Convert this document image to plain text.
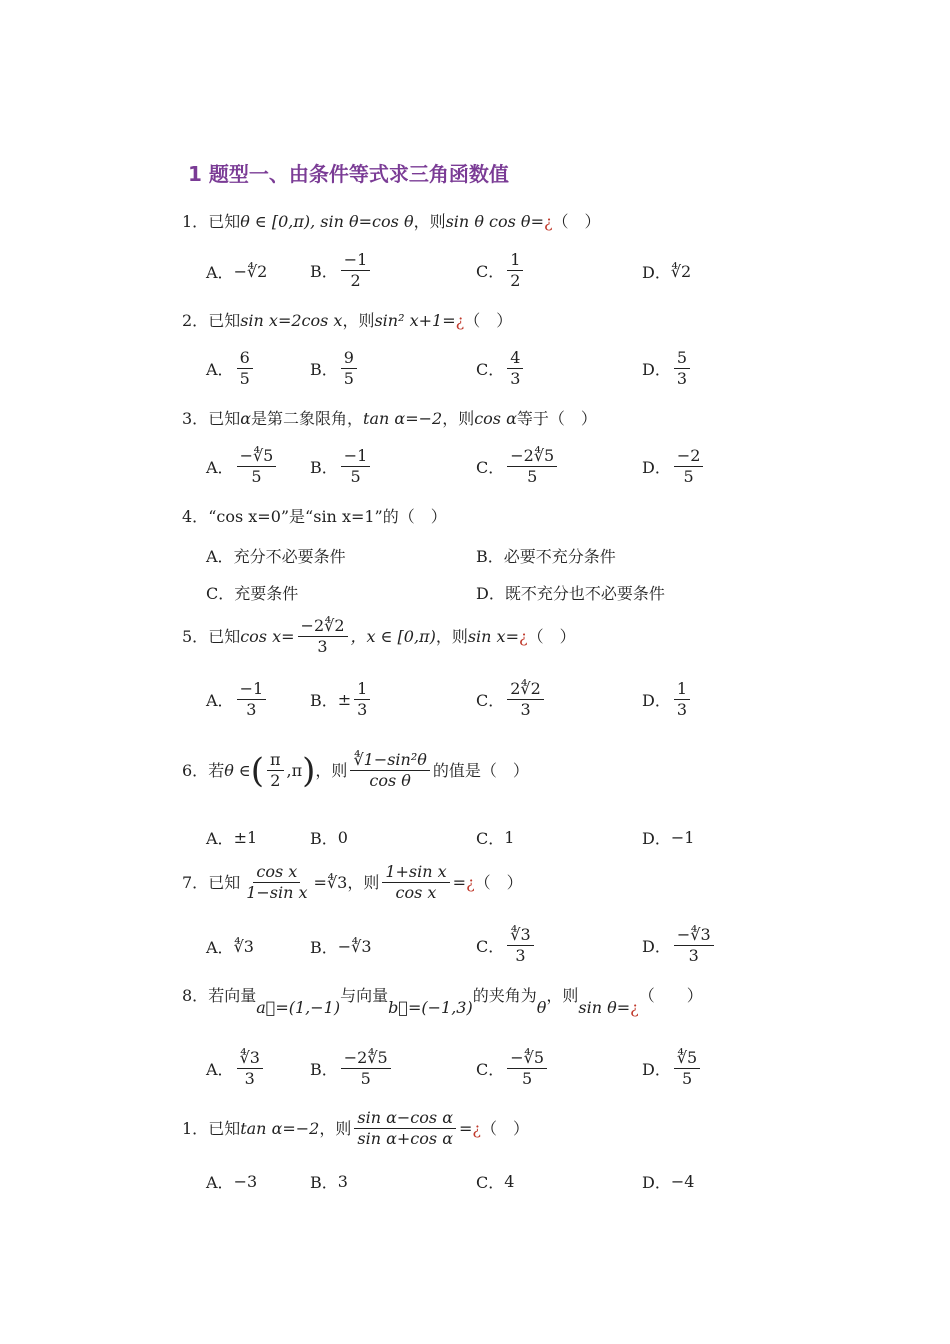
1 题型一、由条件等式求三角函数值
1． 已知 θ ∈ [0,π), sin θ=cos θ ，则 sin θ cos θ = ¿ （　）
A． −∜2	B． $\frac{-1}{2}$	C． $\frac{1}{2}$	D． ∜2
2． 已知 sin x=2cos x ，则 sin² x+1 = ¿ （　）
A． $\frac{6}{5}$	B． $\frac{9}{5}$	C． $\frac{4}{3}$	D． $\frac{5}{3}$
3． 已知 α 是第二象限角， tan α=−2 ，则 cos α 等于（　）
A． $\frac{-∜5}{5}$ B． $\frac{-1}{5}$	C． $\frac{-2∜5}{5}$	D． $\frac{-2}{5}$
4． “cos x=0”是“sin x=1”的（　）
A． 充分不必要条件	B． 必要不充分条件
C． 充要条件	D． 既不充分也不必要条件
5． 已知 $\cos x= \frac{-2∜2}{3}$ ，x ∈ [0,π) ，则 sin x = ¿ （　）
A． $\frac{-1}{3}$	B． ± $\frac{1}{3}$	C． $\frac{2∜2}{3}$	D． $\frac{1}{3}$
6． 若 θ ∈ ( $\frac{\pi}{2} ,\pi$ ) ，则 $\frac{\text{∜1−sin²θ}}{\text{cos θ}}$ 的值是（　）
A． ±1	B． 0	C． 1	D． −1
7． 已知 $\frac{\text{cos x}}{\text{1−sin x}}$ =∜3 ，则 $\frac{\text{1+sin x}}{\text{cos x}}$ = ¿ （　）
A． ∜3	B． −∜3	C． $\frac{∜3}{3}$	D． $\frac{-∜3}{3}$
8． 若向量
a⃗=(1,−1)
与向量
b⃗=(−1,3)
的夹角为
θ
，则
sin θ = ¿
（　　）
A． $\frac{∜3}{3}$	B． $\frac{-2∜5}{5}$	C． $\frac{-∜5}{5}$	D． $\frac{∜5}{5}$
1． 已知 tan α=−2 ，则 $\frac{\text{sin α−cos α}}{\text{sin α+cos α}}$ = ¿ （　）
A． −3	B． 3	C． 4	D． −4
